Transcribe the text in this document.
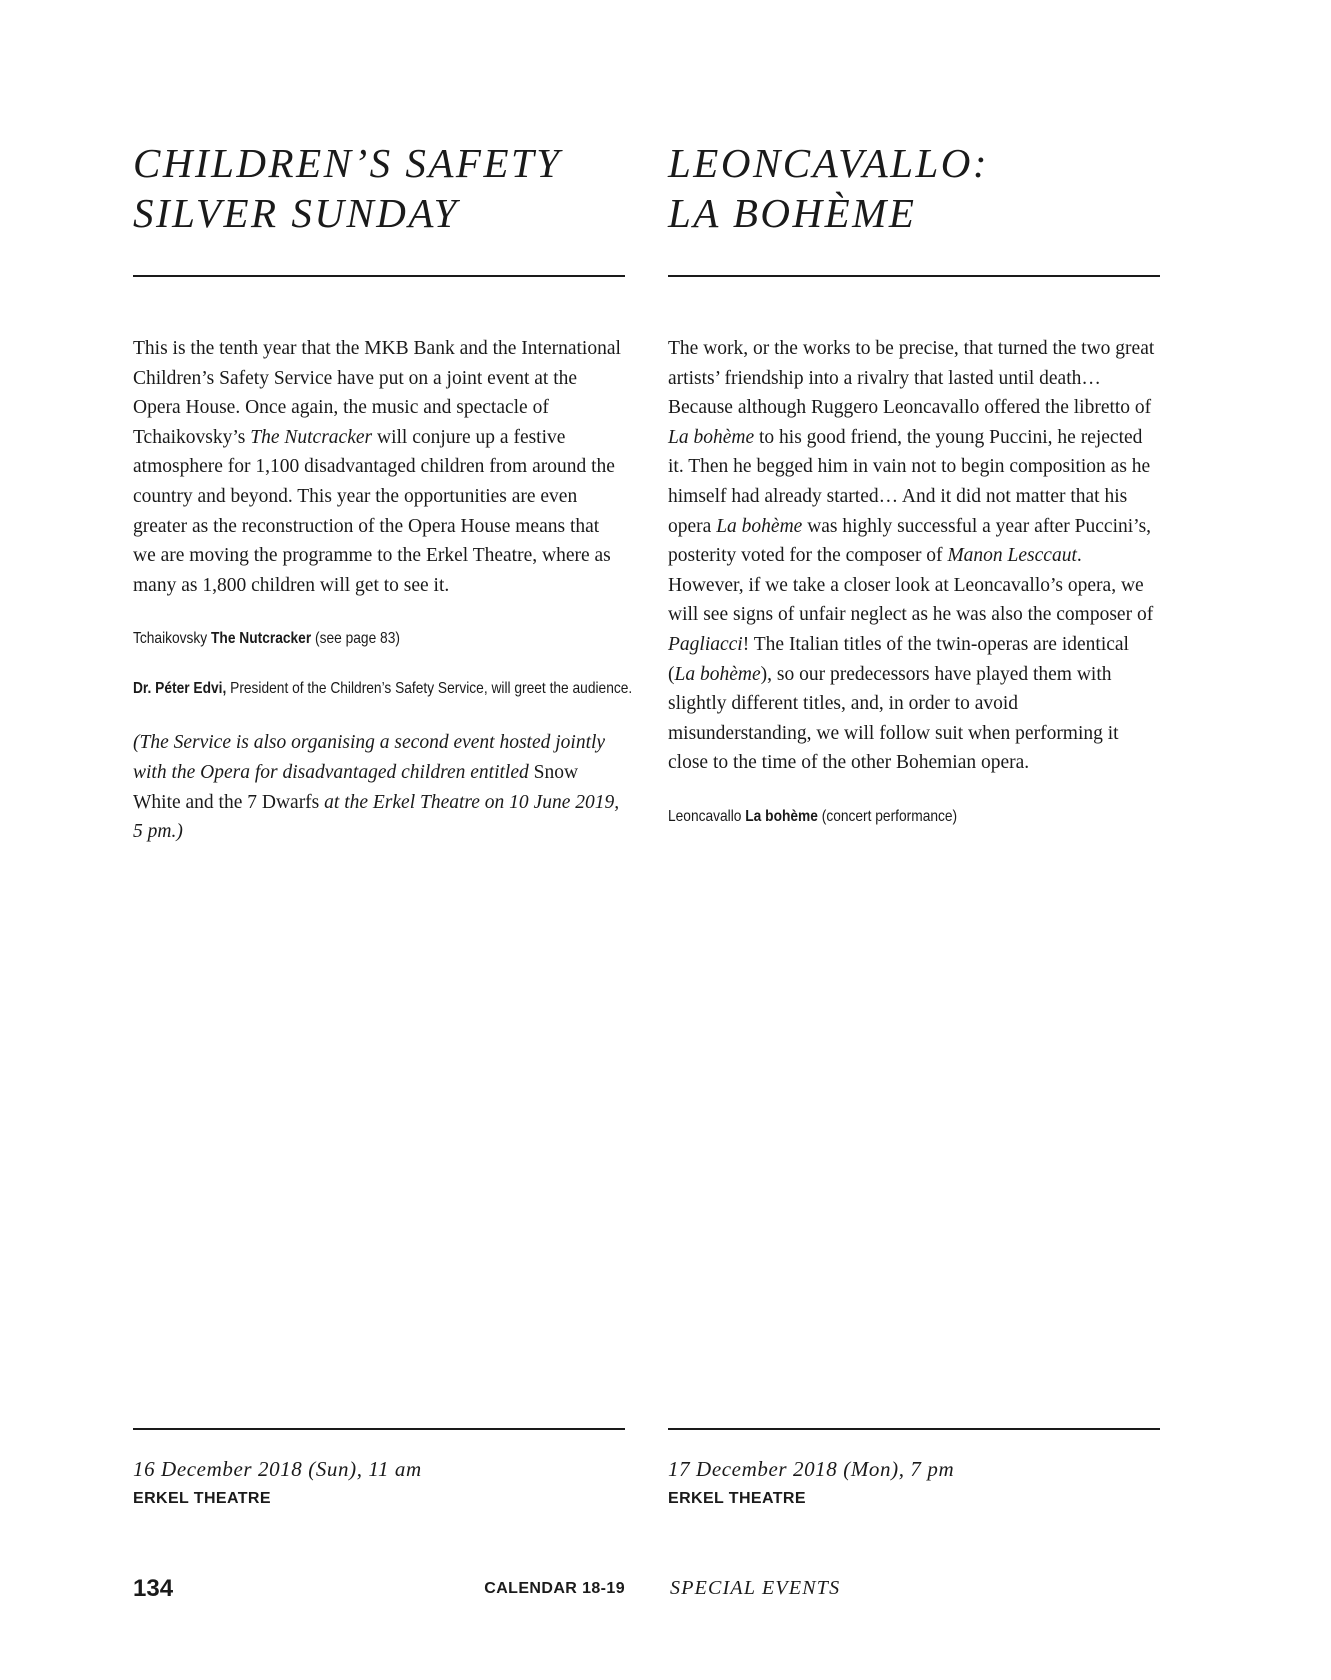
CHILDREN’S SAFETY
SILVER SUNDAY

This is the tenth year that the MKB Bank and the International Children’s Safety Service have put on a joint event at the Opera House. Once again, the music and spectacle of Tchaikovsky’s The Nutcracker will conjure up a festive atmosphere for 1,100 disadvantaged children from around the country and beyond. This year the opportunities are even greater as the reconstruction of the Opera House means that we are moving the programme to the Erkel Theatre, where as many as 1,800 children will get to see it.

Tchaikovsky The Nutcracker (see page 83)
Dr. Péter Edvi, President of the Children’s Safety Service, will greet the audience.
(The Service is also organising a second event hosted jointly with the Opera for disadvantaged children entitled Snow White and the 7 Dwarfs at the Erkel Theatre on 10 June 2019, 5 pm.)

16 December 2018 (Sun), 11 am

ERKEL THEATRE

LEONCAVALLO:
LA BOHÈME

The work, or the works to be precise, that turned the two great artists’ friendship into a rivalry that lasted until death… Because although Ruggero Leoncavallo offered the libretto of La bohème to his good friend, the young Puccini, he rejected it. Then he begged him in vain not to begin composition as he himself had already started… And it did not matter that his opera La bohème was highly successful a year after Puccini’s, posterity voted for the composer of Manon Lesccaut. However, if we take a closer look at Leoncavallo’s opera, we will see signs of unfair neglect as he was also the composer of Pagliacci! The Italian titles of the twin-operas are identical (La bohème), so our predecessors have played them with slightly different titles, and, in order to avoid misunderstanding, we will follow suit when performing it close to the time of the other Bohemian opera.

Leoncavallo La bohème (concert performance)

17 December 2018 (Mon), 7 pm

ERKEL THEATRE

134	CALENDAR 18-19 SPECIAL EVENTS
